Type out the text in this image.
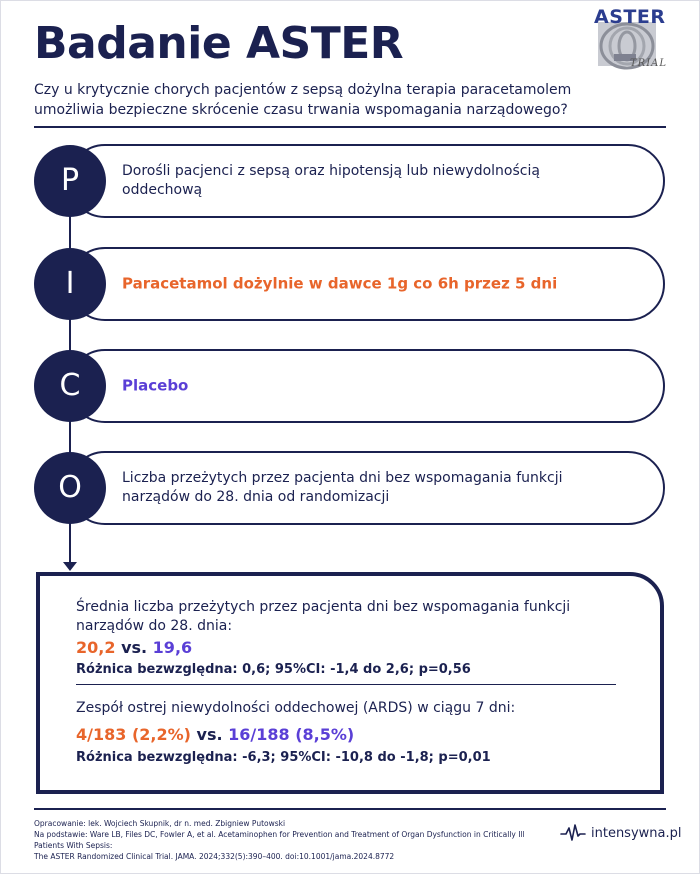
Badanie ASTER
ASTER
TRIAL

Czy u krytycznie chorych pacjentów z sepsą dożylna terapia paracetamolem umożliwia bezpieczne skrócenie czasu trwania wspomagania narządowego?

Dorośli pacjenci z sepsą oraz hipotensją lub niewydolnością oddechową
P
Paracetamol dożylnie w dawce 1g co 6h przez 5 dni
I
Placebo
C
Liczba przeżytych przez pacjenta dni bez wspomagania funkcji narządów do 28. dnia od randomizacji
O

Średnia liczba przeżytych przez pacjenta dni bez wspomagania funkcji narządów do 28. dnia:

20,2 vs. 19,6

Różnica bezwzględna: 0,6; 95%CI: -1,4 do 2,6; p=0,56

Zespół ostrej niewydolności oddechowej (ARDS) w ciągu 7 dni:

4/183 (2,2%) vs. 16/188 (8,5%)

Różnica bezwzględna: -6,3; 95%CI: -10,8 do -1,8; p=0,01

Opracowanie: lek. Wojciech Skupnik, dr n. med. Zbigniew Putowski

Na podstawie: Ware LB, Files DC, Fowler A, et al. Acetaminophen for Prevention and Treatment of Organ Dysfunction in Critically Ill Patients With Sepsis:

The ASTER Randomized Clinical Trial. JAMA. 2024;332(5):390–400. doi:10.1001/jama.2024.8772

intensywna.pl
